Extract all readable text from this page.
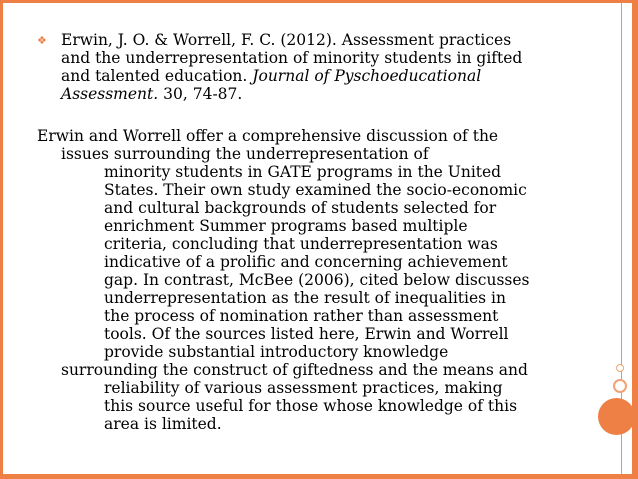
❖ Erwin, J. O. & Worrell, F. C. (2012). Assessment practices
and the underrepresentation of minority students in gifted
and talented education. Journal of Pyschoeducational
Assessment. 30, 74-87.
Erwin and Worrell offer a comprehensive discussion of the
issues surrounding the underrepresentation of
minority students in GATE programs in the United
States. Their own study examined the socio-economic
and cultural backgrounds of students selected for
enrichment Summer programs based multiple
criteria, concluding that underrepresentation was
indicative of a prolific and concerning achievement
gap. In contrast, McBee (2006), cited below discusses
underrepresentation as the result of inequalities in
the process of nomination rather than assessment
tools. Of the sources listed here, Erwin and Worrell
provide substantial introductory knowledge
surrounding the construct of giftedness and the means and
reliability of various assessment practices, making
this source useful for those whose knowledge of this
area is limited.
